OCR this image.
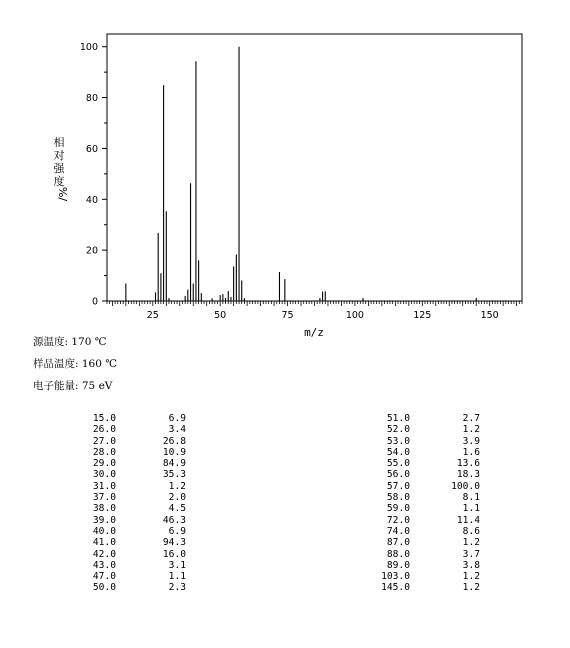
0
20
40
60
80
100
25	50	75	100	125	150
相
对
强
度
%/
m/z
源温度: 170 ℃
样品温度: 160 ℃
电子能量: 75 eV
15.0	6.9
26.0	3.4
27.0	26.8
28.0	10.9
29.0	84.9
30.0	35.3
31.0	1.2
37.0	2.0
38.0	4.5
39.0	46.3
40.0	6.9
41.0	94.3
42.0	16.0
43.0	3.1
47.0	1.1
50.0	2.3
51.0	2.7
52.0	1.2
53.0	3.9
54.0	1.6
55.0	13.6
56.0	18.3
57.0	100.0
58.0	8.1
59.0	1.1
72.0	11.4
74.0	8.6
87.0	1.2
88.0	3.7
89.0	3.8
103.0	1.2
145.0	1.2
